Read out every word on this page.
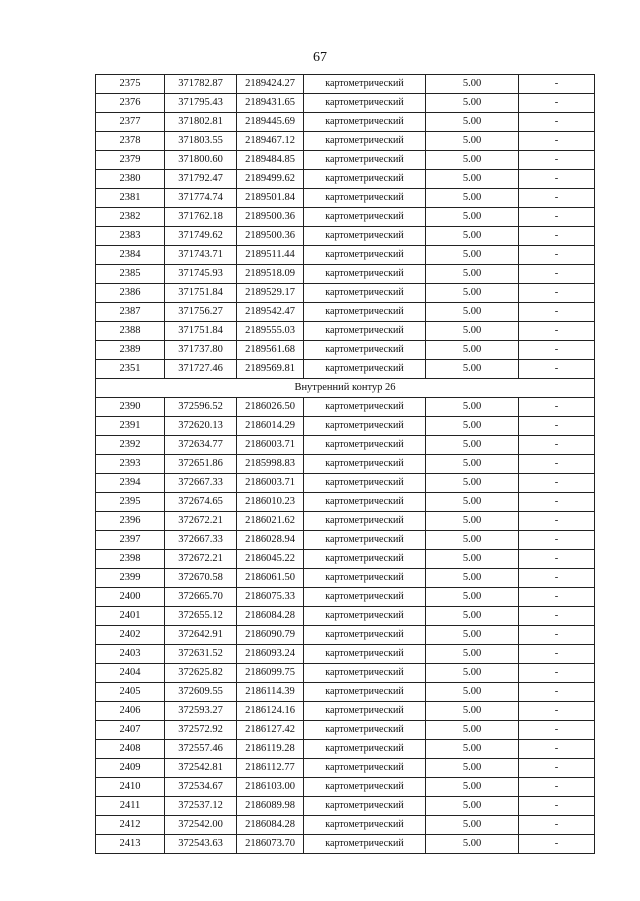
67
2375	371782.87	2189424.27	картометрический	5.00	-
2376	371795.43	2189431.65	картометрический	5.00	-
2377	371802.81	2189445.69	картометрический	5.00	-
2378	371803.55	2189467.12	картометрический	5.00	-
2379	371800.60	2189484.85	картометрический	5.00	-
2380	371792.47	2189499.62	картометрический	5.00	-
2381	371774.74	2189501.84	картометрический	5.00	-
2382	371762.18	2189500.36	картометрический	5.00	-
2383	371749.62	2189500.36	картометрический	5.00	-
2384	371743.71	2189511.44	картометрический	5.00	-
2385	371745.93	2189518.09	картометрический	5.00	-
2386	371751.84	2189529.17	картометрический	5.00	-
2387	371756.27	2189542.47	картометрический	5.00	-
2388	371751.84	2189555.03	картометрический	5.00	-
2389	371737.80	2189561.68	картометрический	5.00	-
2351	371727.46	2189569.81	картометрический	5.00	-
Внутренний контур 26					
2390	372596.52	2186026.50	картометрический	5.00	-
2391	372620.13	2186014.29	картометрический	5.00	-
2392	372634.77	2186003.71	картометрический	5.00	-
2393	372651.86	2185998.83	картометрический	5.00	-
2394	372667.33	2186003.71	картометрический	5.00	-
2395	372674.65	2186010.23	картометрический	5.00	-
2396	372672.21	2186021.62	картометрический	5.00	-
2397	372667.33	2186028.94	картометрический	5.00	-
2398	372672.21	2186045.22	картометрический	5.00	-
2399	372670.58	2186061.50	картометрический	5.00	-
2400	372665.70	2186075.33	картометрический	5.00	-
2401	372655.12	2186084.28	картометрический	5.00	-
2402	372642.91	2186090.79	картометрический	5.00	-
2403	372631.52	2186093.24	картометрический	5.00	-
2404	372625.82	2186099.75	картометрический	5.00	-
2405	372609.55	2186114.39	картометрический	5.00	-
2406	372593.27	2186124.16	картометрический	5.00	-
2407	372572.92	2186127.42	картометрический	5.00	-
2408	372557.46	2186119.28	картометрический	5.00	-
2409	372542.81	2186112.77	картометрический	5.00	-
2410	372534.67	2186103.00	картометрический	5.00	-
2411	372537.12	2186089.98	картометрический	5.00	-
2412	372542.00	2186084.28	картометрический	5.00	-
2413	372543.63	2186073.70	картометрический	5.00	-
